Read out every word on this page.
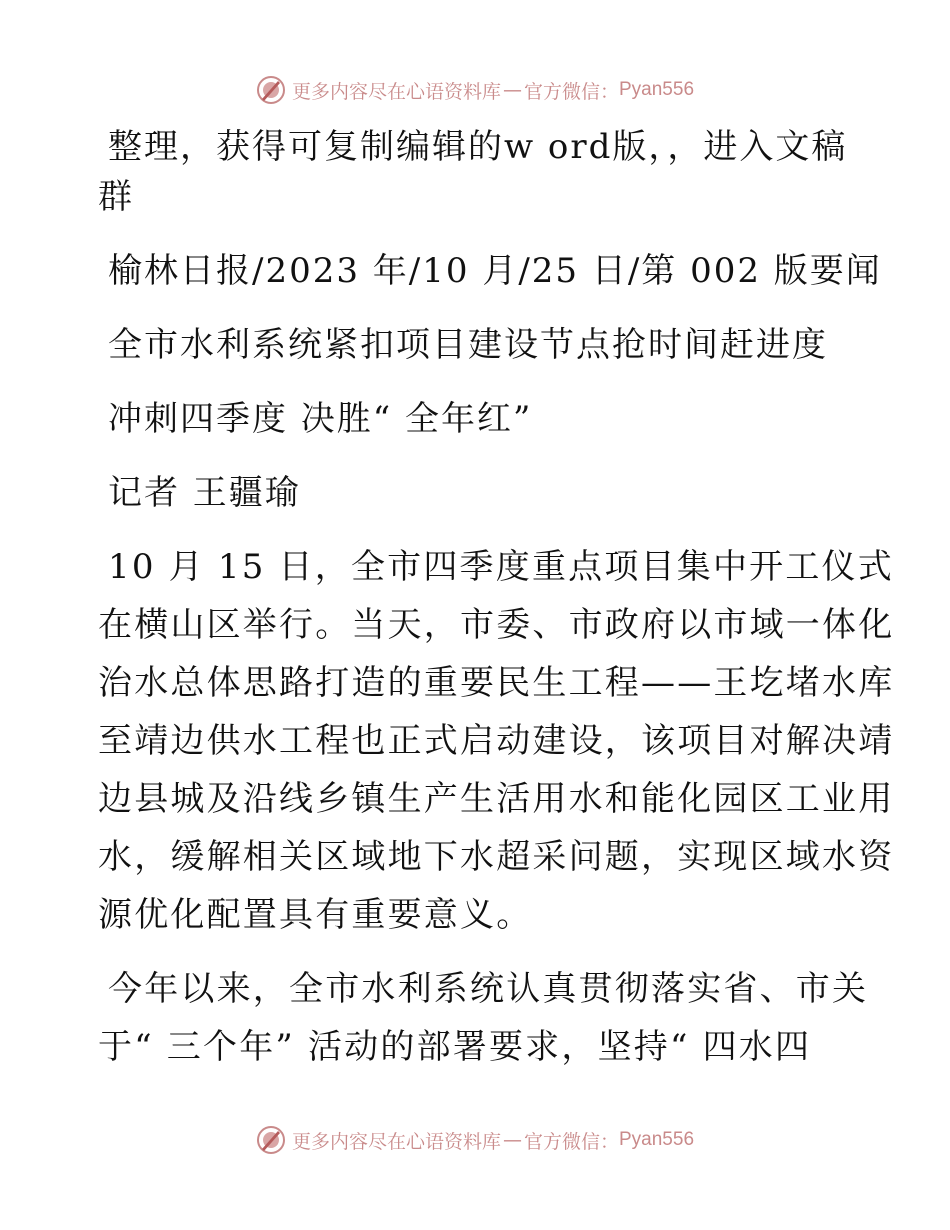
更多内容尽在心语资料库 — 官方微信： Pyan556

整理，获得可复制编辑的w ord版，，进入文稿

群

榆林日报/2023 年/10 月/25 日/第 002 版要闻

全市水利系统紧扣项目建设节点抢时间赶进度

冲刺四季度 决胜“ 全年红”

记者 王疆瑜

10 月 15 日，全市四季度重点项目集中开工仪式
在横山区举行。当天，市委、市政府以市域一体化
治水总体思路打造的重要民生工程——王圪堵水库
至靖边供水工程也正式启动建设，该项目对解决靖
边县城及沿线乡镇生产生活用水和能化园区工业用
水，缓解相关区域地下水超采问题，实现区域水资
源优化配置具有重要意义。
今年以来，全市水利系统认真贯彻落实省、市关
于“ 三个年” 活动的部署要求，坚持“ 四水四
更多内容尽在心语资料库 — 官方微信： Pyan556
